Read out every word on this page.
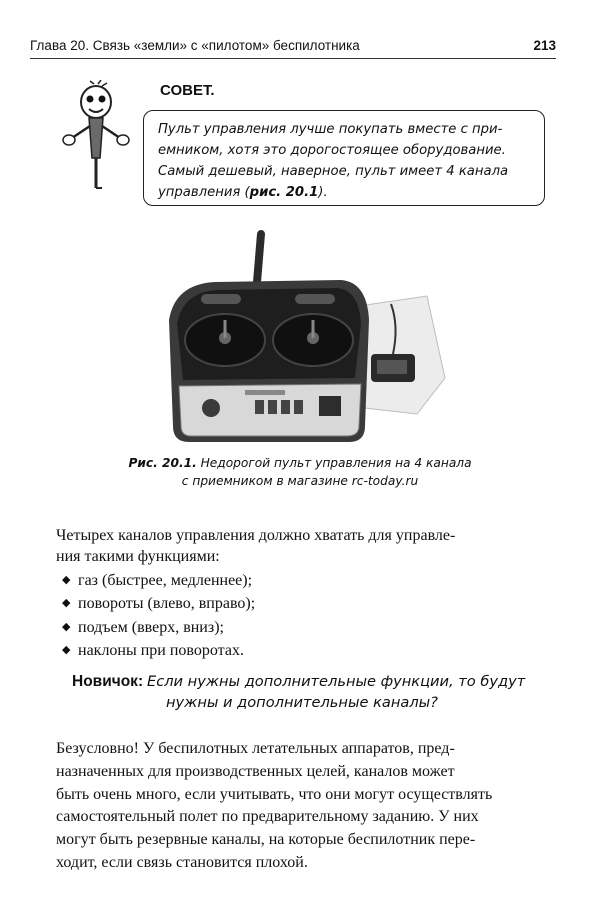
Глава 20. Связь «земли» с «пилотом» беспилотника	213
СОВЕТ.
Пульт управления лучше покупать вместе с при-
емником, хотя это дорогостоящее оборудование.
Самый дешевый, наверное, пульт имеет 4 канала
управления (рис. 20.1).
Рис. 20.1. Недорогой пульт управления на 4 канала
с приемником в магазине rc-today.ru
Четырех каналов управления должно хватать для управле-
ния такими функциями:
◆ газ (быстрее, медленнее);
◆ повороты (влево, вправо);
◆ подъем (вверх, вниз);
◆ наклоны при поворотах.
Новичок: Если нужны дополнительные функции, то будут
нужны и дополнительные каналы?
Безусловно! У беспилотных летательных аппаратов, пред-
назначенных для производственных целей, каналов может
быть очень много, если учитывать, что они могут осуществлять
самостоятельный полет по предварительному заданию. У них
могут быть резервные каналы, на которые беспилотник пере-
ходит, если связь становится плохой.
